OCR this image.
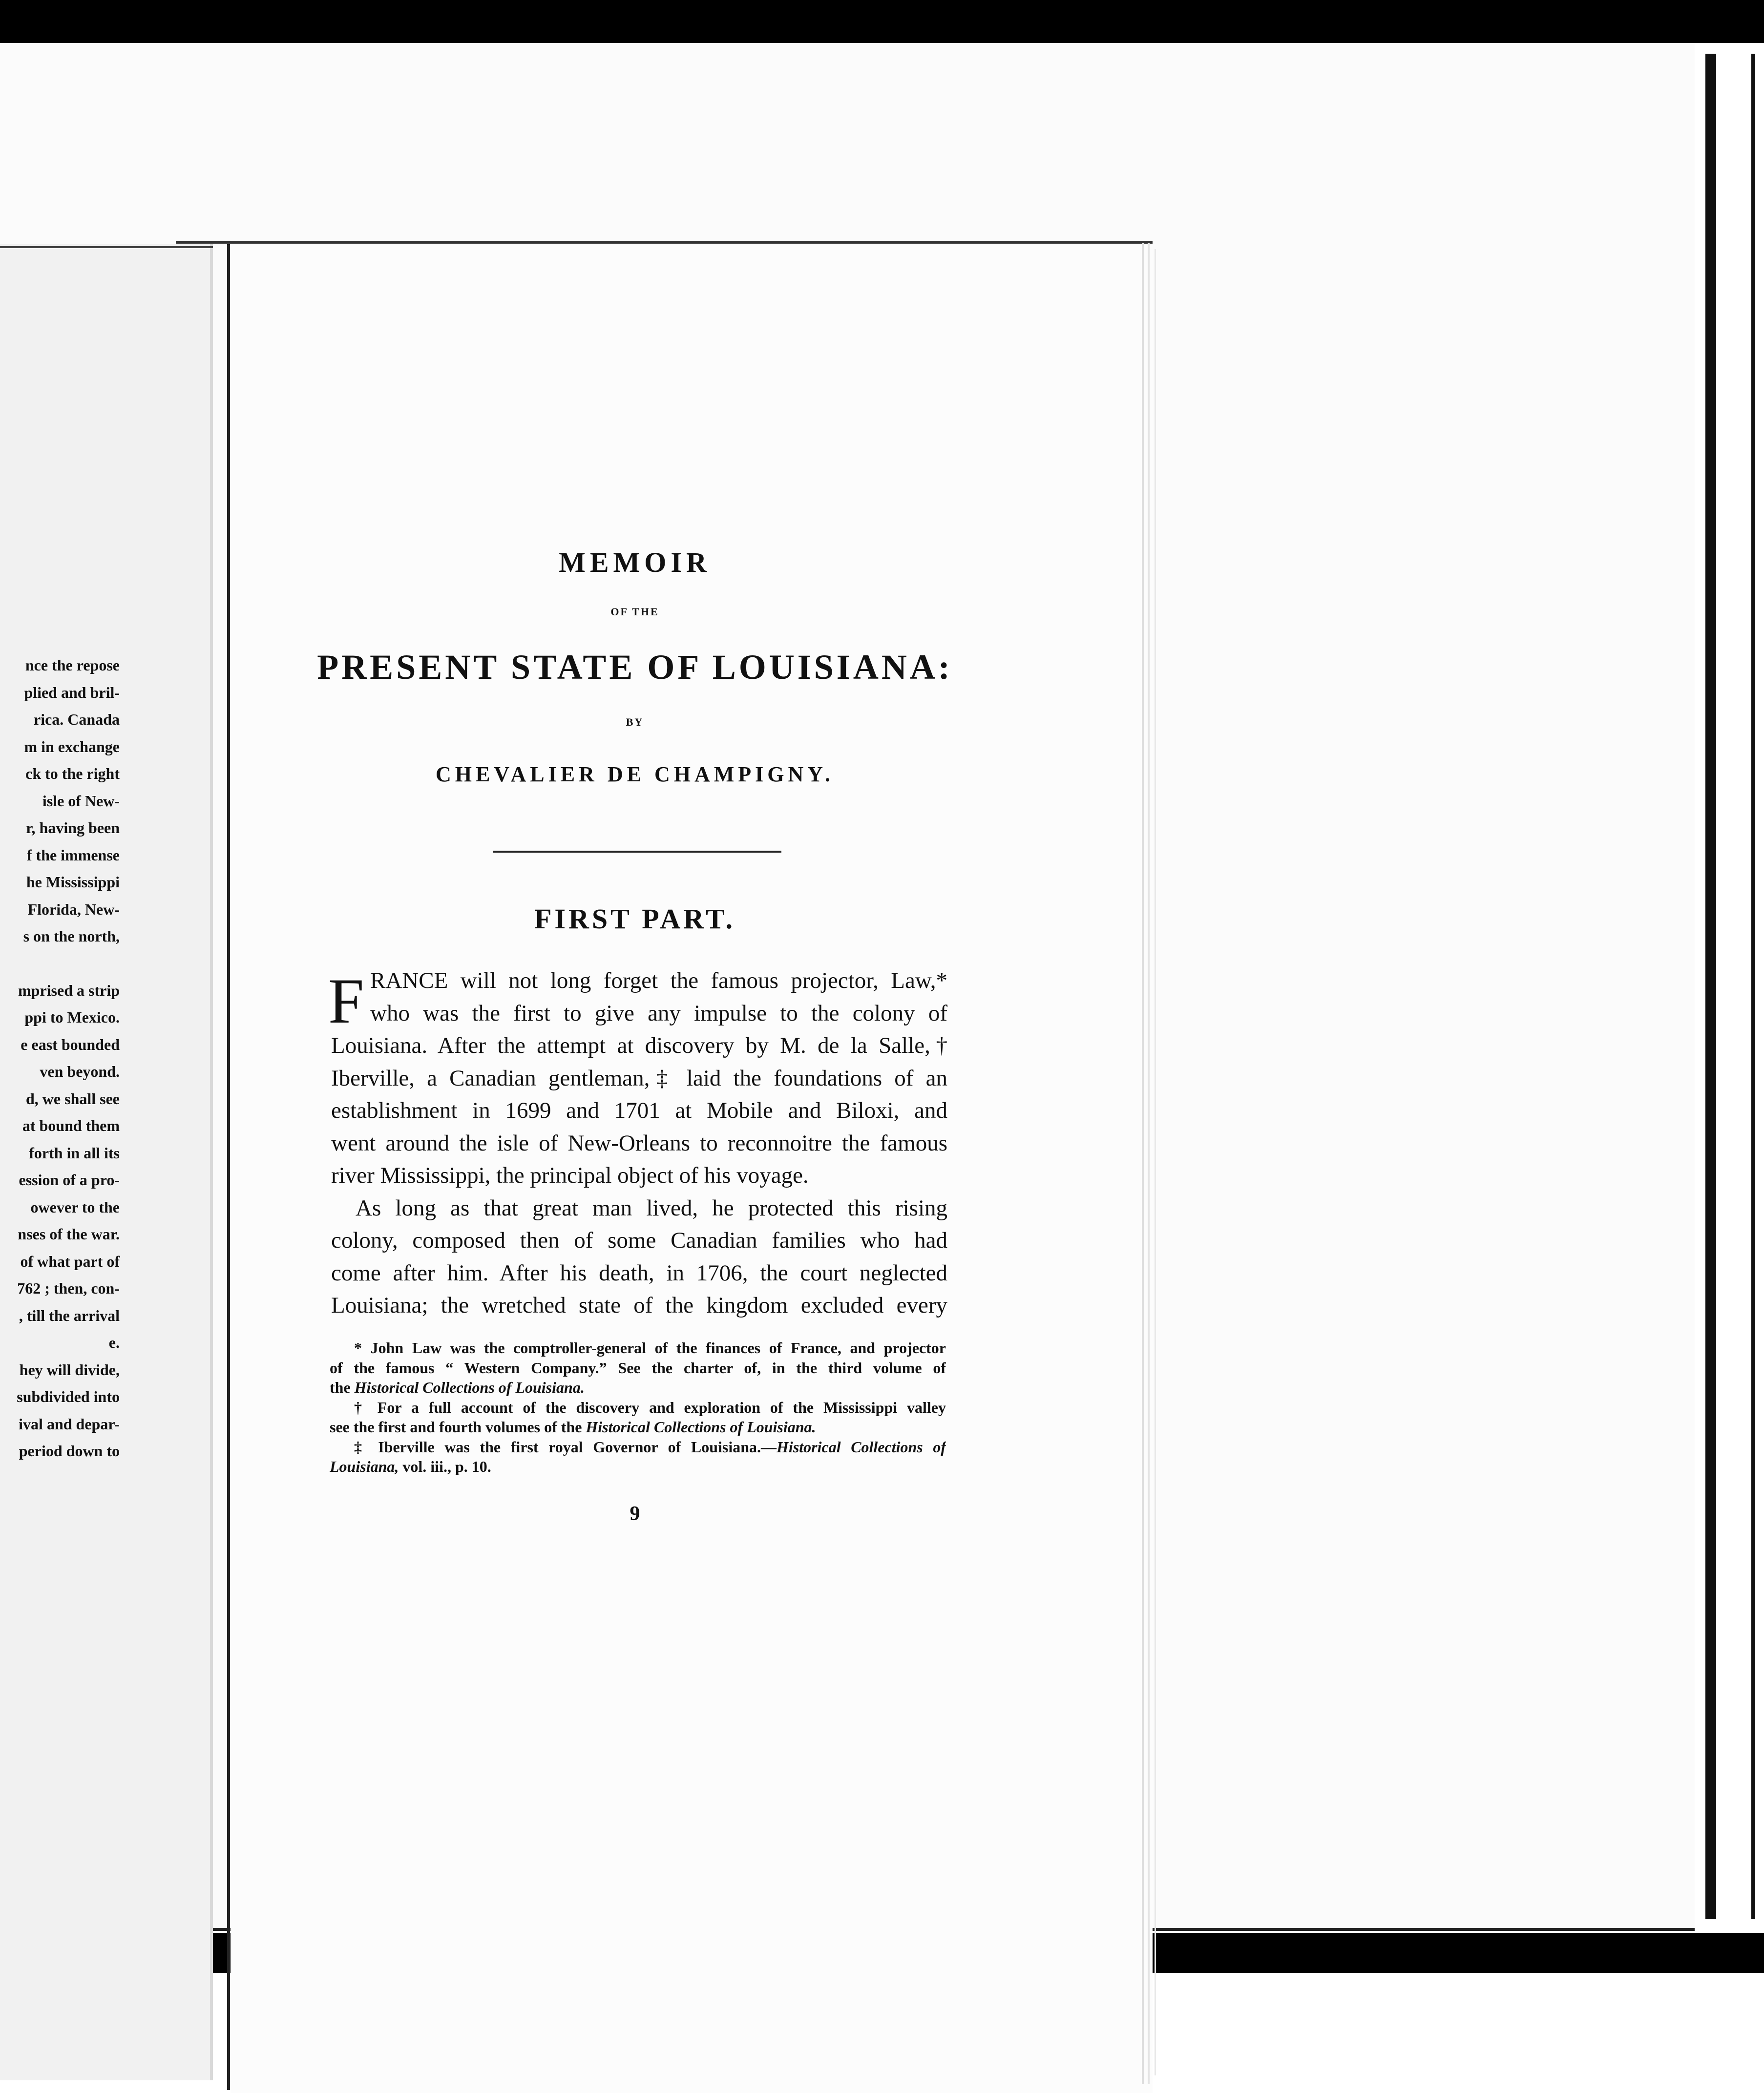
nce the repose
plied and bril-
rica. Canada
m in exchange
ck to the right
isle of New-
r, having been
f the immense
he Mississippi
Florida, New-
s on the north,
mprised a strip
ppi to Mexico.
e east bounded
ven beyond.
d, we shall see
at bound them
forth in all its
ession of a pro-
owever to the
nses of the war.
of what part of
762 ; then, con-
, till the arrival
e.
hey will divide,
subdivided into
ival and depar-
period down to
MEMOIR
OF THE
PRESENT STATE OF LOUISIANA:
BY
CHEVALIER DE CHAMPIGNY.
FIRST PART.
F RANCE will not long forget the famous projector, Law,*
who was the first to give any impulse to the colony of
Louisiana. After the attempt at discovery by M. de la Salle,†
Iberville, a Canadian gentleman,‡ laid the foundations of an
establishment in 1699 and 1701 at Mobile and Biloxi, and
went around the isle of New-Orleans to reconnoitre the famous
river Mississippi, the principal object of his voyage.
As long as that great man lived, he protected this rising
colony, composed then of some Canadian families who had
come after him. After his death, in 1706, the court neglected
Louisiana; the wretched state of the kingdom excluded every
* John Law was the comptroller-general of the finances of France, and projector
of the famous “ Western Company.” See the charter of, in the third volume of
the Historical Collections of Louisiana.
† For a full account of the discovery and exploration of the Mississippi valley
see the first and fourth volumes of the Historical Collections of Louisiana.
‡ Iberville was the first royal Governor of Louisiana.—Historical Collections of
Louisiana, vol. iii., p. 10.
9
